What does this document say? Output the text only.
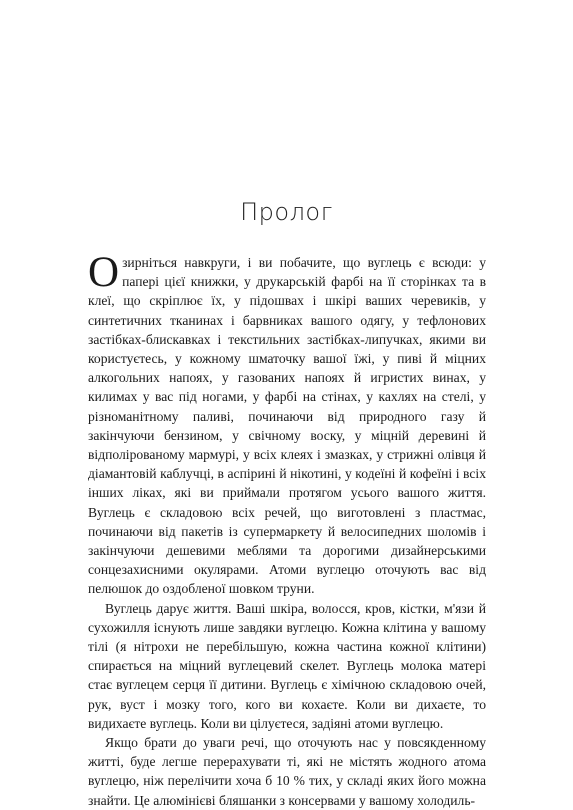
Пролог

Озирніться навкруги, і ви побачите, що вуглець є всюди: у папері цієї книжки, у друкарській фарбі на її сторінках та в клеї, що скріплює їх, у підошвах і шкірі ваших черевиків, у синтетичних тканинах і барвниках вашого одягу, у тефлонових застібках-блискавках і текстильних застібках-липучках, якими ви користуєтесь, у кожному шматочку вашої їжі, у пиві й міцних алкогольних напоях, у газованих напоях й игристих винах, у килимах у вас під ногами, у фарбі на стінах, у кахлях на стелі, у різноманітному паливі, починаючи від природного газу й закінчуючи бензином, у свічному воску, у міцній деревині й відполірованому мармурі, у всіх клеях і змазках, у стрижні олівця й діамантовій каблучці, в аспірині й нікотині, у кодеїні й кофеїні і всіх інших ліках, які ви приймали протягом усього вашого життя. Вуглець є складовою всіх речей, що виготовлені з пластмас, починаючи від пакетів із супермаркету й велосипедних шоломів і закінчуючи дешевими меблями та дорогими дизайнерськими сонцезахисними окулярами. Атоми вуглецю оточують вас від пелюшок до оздобленої шовком труни.

Вуглець дарує життя. Ваші шкіра, волосся, кров, кістки, м'язи й сухожилля існують лише завдяки вуглецю. Кожна клітина у вашому тілі (я нітрохи не перебільшую, кожна частина кожної клітини) спирається на міцний вуглецевий скелет. Вуглець молока матері стає вуглецем серця її дитини. Вуглець є хімічною складовою очей, рук, вуст і мозку того, кого ви кохаєте. Коли ви дихаєте, то видихаєте вуглець. Коли ви цілуєтеся, задіяні атоми вуглецю.

Якщо брати до уваги речі, що оточують нас у повсякденному житті, буде легше перерахувати ті, які не містять жодного атома вуглецю, ніж перелічити хоча б 10 % тих, у складі яких його можна знайти. Це алюмінієві бляшанки з консервами у вашому холодиль-
